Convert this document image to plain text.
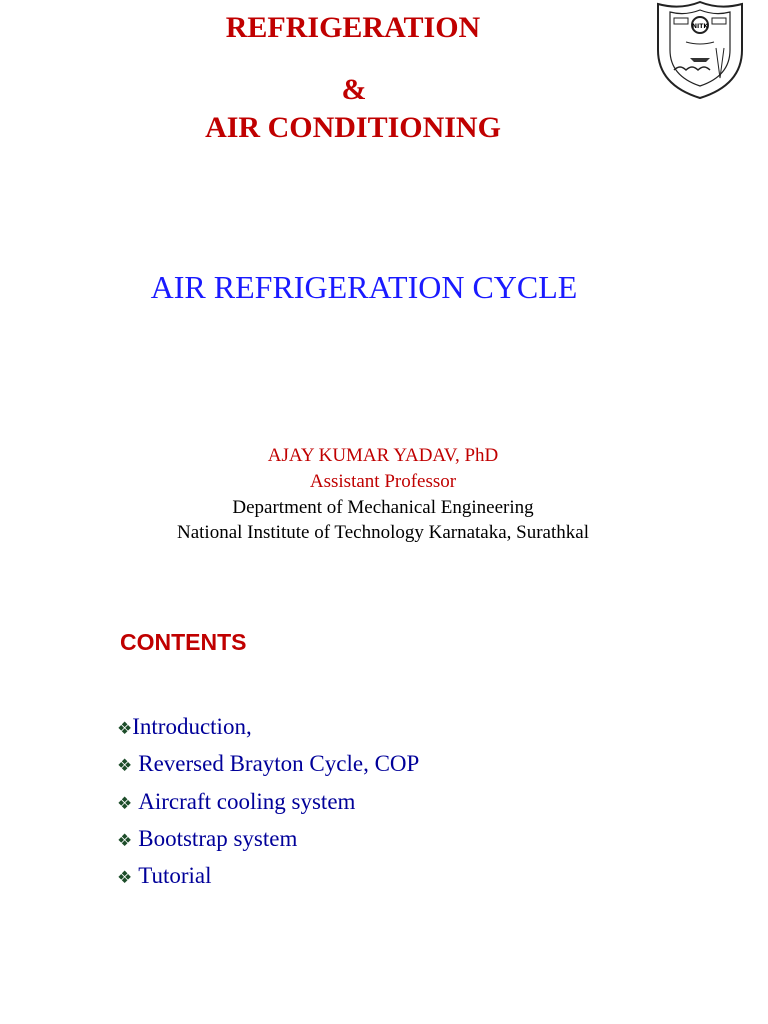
REFRIGERATION
&
AIR CONDITIONING
NITK
AIR REFRIGERATION CYCLE
AJAY KUMAR YADAV, PhD
Assistant Professor
Department of Mechanical Engineering
National Institute of Technology Karnataka, Surathkal
CONTENTS
❖Introduction,
❖ Reversed Brayton Cycle, COP
❖ Aircraft cooling system
❖ Bootstrap system
❖ Tutorial
